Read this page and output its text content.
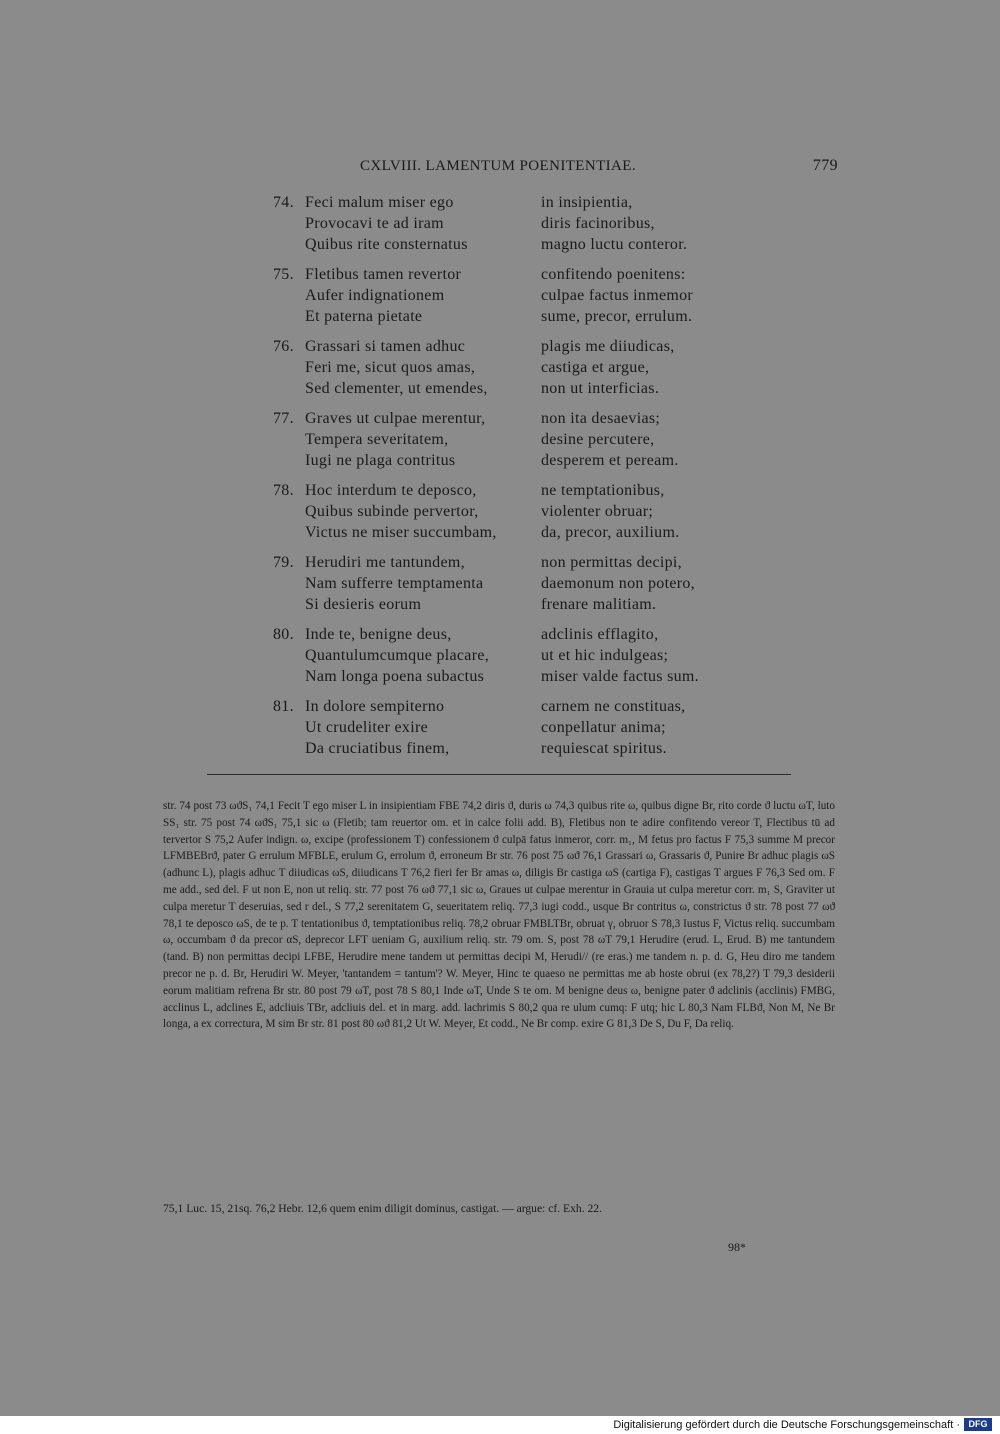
CXLVIII. LAMENTUM POENITENTIAE.	779
74. Feci malum miser ego	in insipientia,
Provocavi te ad iram	diris facinoribus,
Quibus rite consternatus	magno luctu conteror.
75. Fletibus tamen revertor	confitendo poenitens:
Aufer indignationem	culpae factus inmemor
Et paterna pietate	sume, precor, errulum.
76. Grassari si tamen adhuc	plagis me diiudicas,
Feri me, sicut quos amas,	castiga et argue,
Sed clementer, ut emendes,	non ut interficias.
77. Graves ut culpae merentur,	non ita desaevias;
Tempera severitatem,	desine percutere,
Iugi ne plaga contritus	desperem et peream.
78. Hoc interdum te deposco,	ne temptationibus,
Quibus subinde pervertor,	violenter obruar;
Victus ne miser succumbam,	da, precor, auxilium.
79. Herudiri me tantundem,	non permittas decipi,
Nam sufferre temptamenta	daemonum non potero,
Si desieris eorum	frenare malitiam.
80. Inde te, benigne deus,	adclinis efflagito,
Quantulumcumque placare,	ut et hic indulgeas;
Nam longa poena subactus	miser valde factus sum.
81. In dolore sempiterno	carnem ne constituas,
Ut crudeliter exire	conpellatur anima;
Da cruciatibus finem,	requiescat spiritus.

str. 74 post 73 ωϑS₁ 74,1 Fecit T ego miser L in insipientiam FBE 74,2 diris ϑ, duris ω 74,3 quibus rite ω, quibus digne Br, rito corde ϑ luctu ωT, luto SS₁ str. 75 post 74 ωϑS₁ 75,1 sic ω (Fletib; tam reuertor om. et in calce folii add. B), Fletibus non te adire confitendo vereor T, Flectibus tū ad tervertor S 75,2 Aufer indign. ω, excipe (professionem T) confessionem ϑ culpā fatus inmeror, corr. m₁, M fetus pro factus F 75,3 summe M precor LFMBEBrϑ, pater G errulum MFBLE, erulum G, errolum ϑ, erroneum Br str. 76 post 75 ωϑ 76,1 Grassari ω, Grassaris ϑ, Punire Br adhuc plagis ωS (adhunc L), plagis adhuc T diiudicas ωS, diiudicans T 76,2 fieri fer Br amas ω, diligis Br castiga ωS (cartiga F), castigas T argues F 76,3 Sed om. F me add., sed del. F ut non E, non ut reliq. str. 77 post 76 ωϑ 77,1 sic ω, Graues ut culpae merentur in Grauia ut culpa meretur corr. m₁ S, Graviter ut culpa meretur T deseruias, sed r del., S 77,2 serenitatem G, seueritatem reliq. 77,3 iugi codd., usque Br contritus ω, constrictus ϑ str. 78 post 77 ωϑ 78,1 te deposco ωS, de te p. T tentationibus ϑ, temptationibus reliq. 78,2 obruar FMBLTBr, obruat γ, obruor S 78,3 Iustus F, Victus reliq. succumbam ω, occumbam ϑ da precor αS, deprecor LFT ueniam G, auxilium reliq. str. 79 om. S, post 78 ωT 79,1 Herudire (erud. L, Erud. B) me tantundem (tand. B) non permittas decipi LFBE, Herudire mene tandem ut permittas decipi M, Herudi// (re eras.) me tandem n. p. d. G, Heu diro me tandem precor ne p. d. Br, Herudiri W. Meyer, 'tantandem = tantum'? W. Meyer, Hinc te quaeso ne permittas me ab hoste obrui (ex 78,2?) T 79,3 desiderii eorum malitiam refrena Br str. 80 post 79 ωT, post 78 S 80,1 Inde ωT, Unde S te om. M benigne deus ω, benigne pater ϑ adclinis (acclinis) FMBG, acclinus L, adclines E, adcliuis TBr, adcliuis del. et in marg. add. lachrimis S 80,2 qua re ulum cumq: F utq; hic L 80,3 Nam FLBϑ, Non M, Ne Br longa, a ex correctura, M sim Br str. 81 post 80 ωϑ 81,2 Ut W. Meyer, Et codd., Ne Br comp. exire G 81,3 De S, Du F, Da reliq.

75,1 Luc. 15, 21sq. 76,2 Hebr. 12,6 quem enim diligit dominus, castigat. — argue: cf. Exh. 22.

98*
Digitalisierung gefördert durch die Deutsche Forschungsgemeinschaft · DFG
